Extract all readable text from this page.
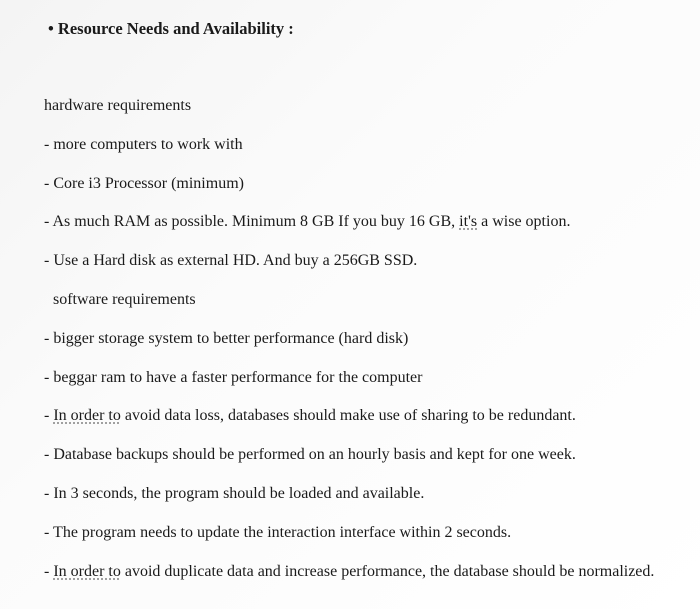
• Resource Needs and Availability :
hardware requirements
- more computers to work with
- Core i3 Processor (minimum)
- As much RAM as possible. Minimum 8 GB If you buy 16 GB, it's a wise option.
- Use a Hard disk as external HD. And buy a 256GB SSD.
software requirements
- bigger storage system to better performance (hard disk)
- beggar ram to have a faster performance for the computer
- In order to avoid data loss, databases should make use of sharing to be redundant.
- Database backups should be performed on an hourly basis and kept for one week.
- In 3 seconds, the program should be loaded and available.
- The program needs to update the interaction interface within 2 seconds.
- In order to avoid duplicate data and increase performance, the database should be normalized.
